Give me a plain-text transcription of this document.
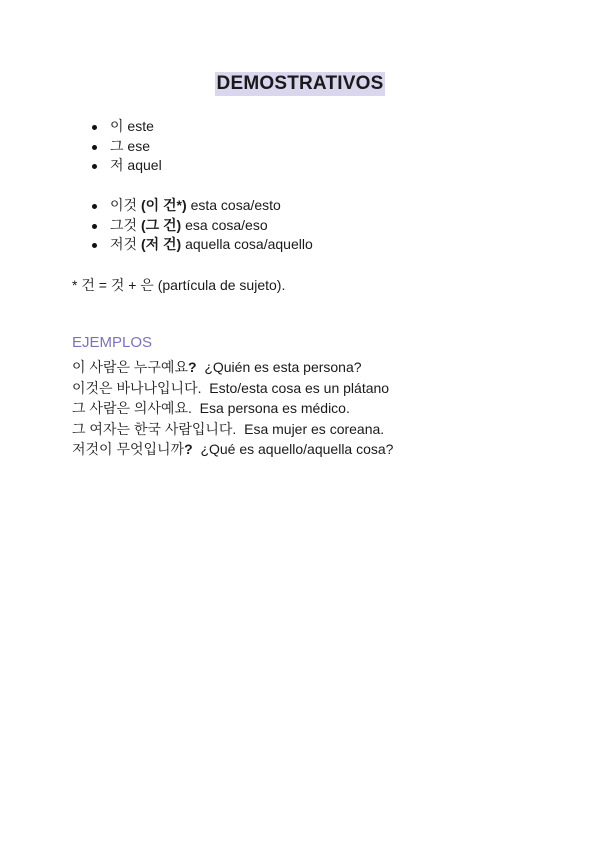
DEMOSTRATIVOS
이 este
그 ese
저 aquel
이것 (이 건*) esta cosa/esto
그것 (그 건) esa cosa/eso
저것 (저 건) aquella cosa/aquello
* 건 = 것 + 은 (partícula de sujeto).
EJEMPLOS
이 사람은 누구예요? ¿Quién es esta persona?
이것은 바나나입니다. Esto/esta cosa es un plátano
그 사람은 의사예요. Esa persona es médico.
그 여자는 한국 사람입니다. Esa mujer es coreana.
저것이 무엇입니까? ¿Qué es aquello/aquella cosa?
